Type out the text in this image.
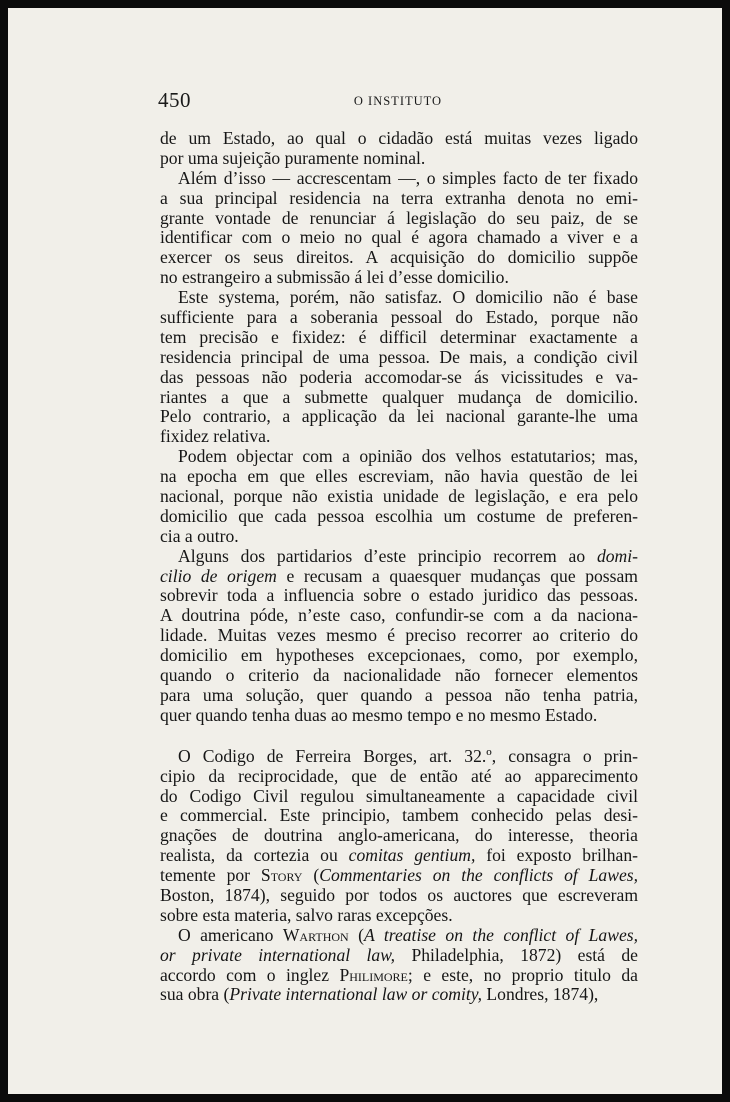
450	O INSTITUTO
de um Estado, ao qual o cidadão está muitas vezes ligado
por uma sujeição puramente nominal.
Além d’isso — accrescentam —, o simples facto de ter fixado
a sua principal residencia na terra extranha denota no emi-
grante vontade de renunciar á legislação do seu paiz, de se
identificar com o meio no qual é agora chamado a viver e a
exercer os seus direitos. A acquisição do domicilio suppõe
no estrangeiro a submissão á lei d’esse domicilio.
Este systema, porém, não satisfaz. O domicilio não é base
sufficiente para a soberania pessoal do Estado, porque não
tem precisão e fixidez: é difficil determinar exactamente a
residencia principal de uma pessoa. De mais, a condição civil
das pessoas não poderia accomodar-se ás vicissitudes e va-
riantes a que a submette qualquer mudança de domicilio.
Pelo contrario, a applicação da lei nacional garante-lhe uma
fixidez relativa.
Podem objectar com a opinião dos velhos estatutarios; mas,
na epocha em que elles escreviam, não havia questão de lei
nacional, porque não existia unidade de legislação, e era pelo
domicilio que cada pessoa escolhia um costume de preferen-
cia a outro.
Alguns dos partidarios d’este principio recorrem ao domi-
cilio de origem e recusam a quaesquer mudanças que possam
sobrevir toda a influencia sobre o estado juridico das pessoas.
A doutrina póde, n’este caso, confundir-se com a da naciona-
lidade. Muitas vezes mesmo é preciso recorrer ao criterio do
domicilio em hypotheses excepcionaes, como, por exemplo,
quando o criterio da nacionalidade não fornecer elementos
para uma solução, quer quando a pessoa não tenha patria,
quer quando tenha duas ao mesmo tempo e no mesmo Estado.
O Codigo de Ferreira Borges, art. 32.º, consagra o prin-
cipio da reciprocidade, que de então até ao apparecimento
do Codigo Civil regulou simultaneamente a capacidade civil
e commercial. Este principio, tambem conhecido pelas desi-
gnações de doutrina anglo-americana, do interesse, theoria
realista, da cortezia ou comitas gentium, foi exposto brilhan-
temente por Story (Commentaries on the conflicts of Lawes,
Boston, 1874), seguido por todos os auctores que escreveram
sobre esta materia, salvo raras excepções.
O americano Warthon (A treatise on the conflict of Lawes,
or private international law, Philadelphia, 1872) está de
accordo com o inglez Philimore; e este, no proprio titulo da
sua obra (Private international law or comity, Londres, 1874),
